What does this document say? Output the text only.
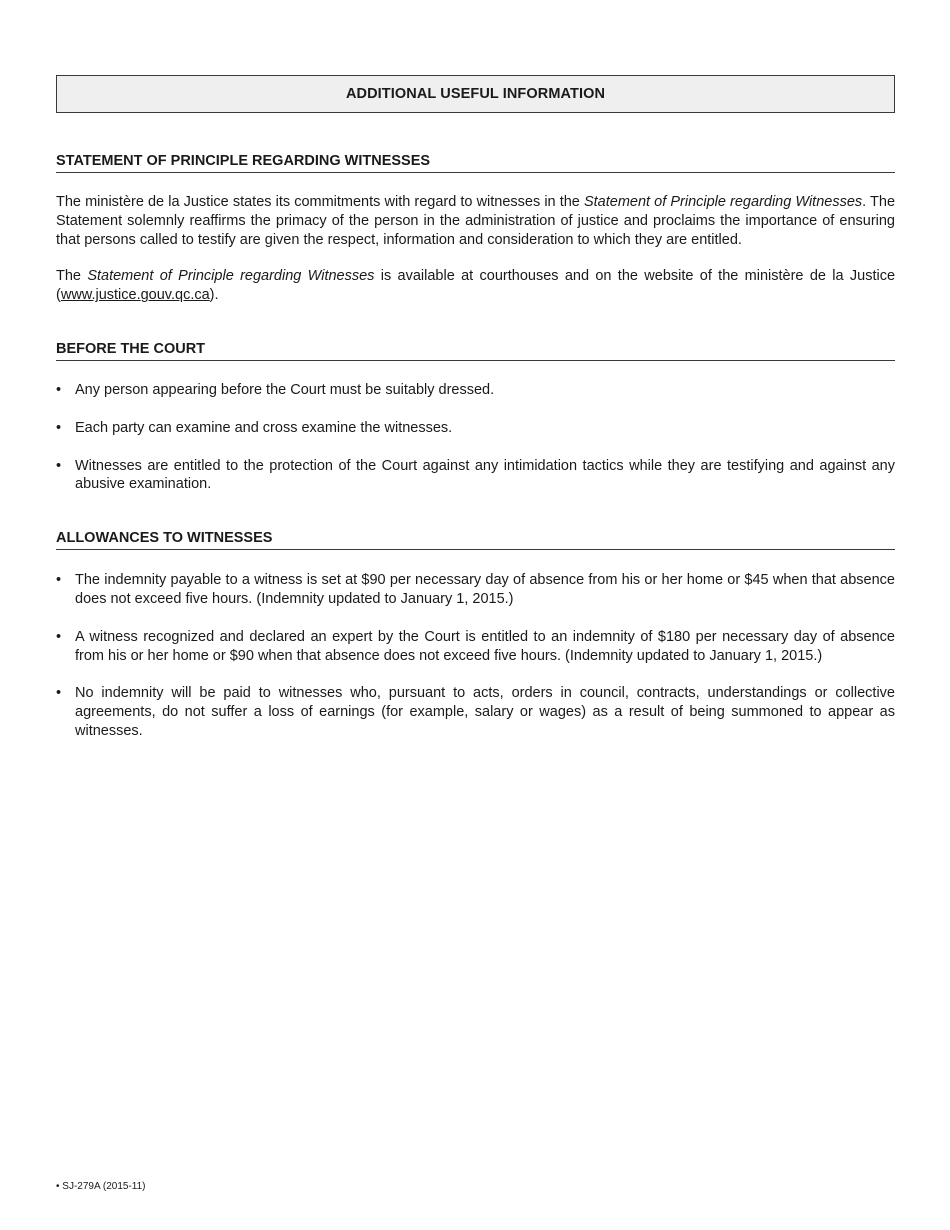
ADDITIONAL USEFUL INFORMATION
STATEMENT OF PRINCIPLE REGARDING WITNESSES

The ministère de la Justice states its commitments with regard to witnesses in the Statement of Principle regarding Witnesses. The Statement solemnly reaffirms the primacy of the person in the administration of justice and proclaims the importance of ensuring that persons called to testify are given the respect, information and consideration to which they are entitled.

The Statement of Principle regarding Witnesses is available at courthouses and on the website of the ministère de la Justice (www.justice.gouv.qc.ca).

BEFORE THE COURT
• Any person appearing before the Court must be suitably dressed.
• Each party can examine and cross examine the witnesses.
• Witnesses are entitled to the protection of the Court against any intimidation tactics while they are testifying and against any abusive examination.
ALLOWANCES TO WITNESSES
• The indemnity payable to a witness is set at $90 per necessary day of absence from his or her home or $45 when that absence does not exceed five hours. (Indemnity updated to January 1, 2015.)
• A witness recognized and declared an expert by the Court is entitled to an indemnity of $180 per necessary day of absence from his or her home or $90 when that absence does not exceed five hours. (Indemnity updated to January 1, 2015.)
• No indemnity will be paid to witnesses who, pursuant to acts, orders in council, contracts, understandings or collective agreements, do not suffer a loss of earnings (for example, salary or wages) as a result of being summoned to appear as witnesses.
• SJ-279A (2015-11)
